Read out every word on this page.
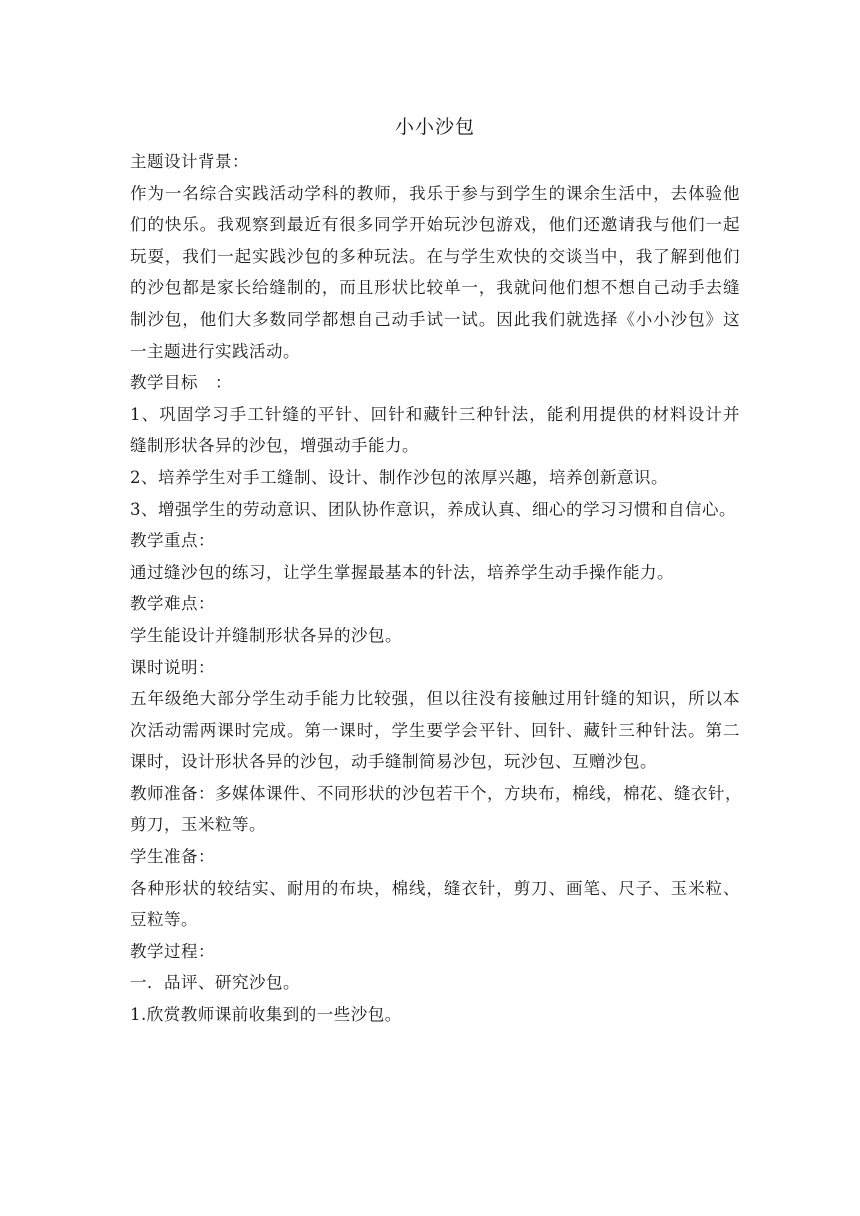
小小沙包

主题设计背景：

作为一名综合实践活动学科的教师，我乐于参与到学生的课余生活中，去体验他

们的快乐。我观察到最近有很多同学开始玩沙包游戏，他们还邀请我与他们一起

玩耍，我们一起实践沙包的多种玩法。在与学生欢快的交谈当中，我了解到他们

的沙包都是家长给缝制的，而且形状比较单一，我就问他们想不想自己动手去缝

制沙包，他们大多数同学都想自己动手试一试。因此我们就选择《小小沙包》这

一主题进行实践活动。

教学目标　：

1、巩固学习手工针缝的平针、回针和藏针三种针法，能利用提供的材料设计并

缝制形状各异的沙包，增强动手能力。

2、培养学生对手工缝制、设计、制作沙包的浓厚兴趣，培养创新意识。

3、增强学生的劳动意识、团队协作意识，养成认真、细心的学习习惯和自信心。

教学重点：

通过缝沙包的练习，让学生掌握最基本的针法，培养学生动手操作能力。

教学难点：

学生能设计并缝制形状各异的沙包。

课时说明：

五年级绝大部分学生动手能力比较强，但以往没有接触过用针缝的知识，所以本

次活动需两课时完成。第一课时，学生要学会平针、回针、藏针三种针法。第二

课时，设计形状各异的沙包，动手缝制简易沙包，玩沙包、互赠沙包。

教师准备：多媒体课件、不同形状的沙包若干个，方块布，棉线，棉花、缝衣针，

剪刀，玉米粒等。

学生准备：

各种形状的较结实、耐用的布块，棉线，缝衣针，剪刀、画笔、尺子、玉米粒、

豆粒等。

教学过程：

一．品评、研究沙包。

1.欣赏教师课前收集到的一些沙包。
